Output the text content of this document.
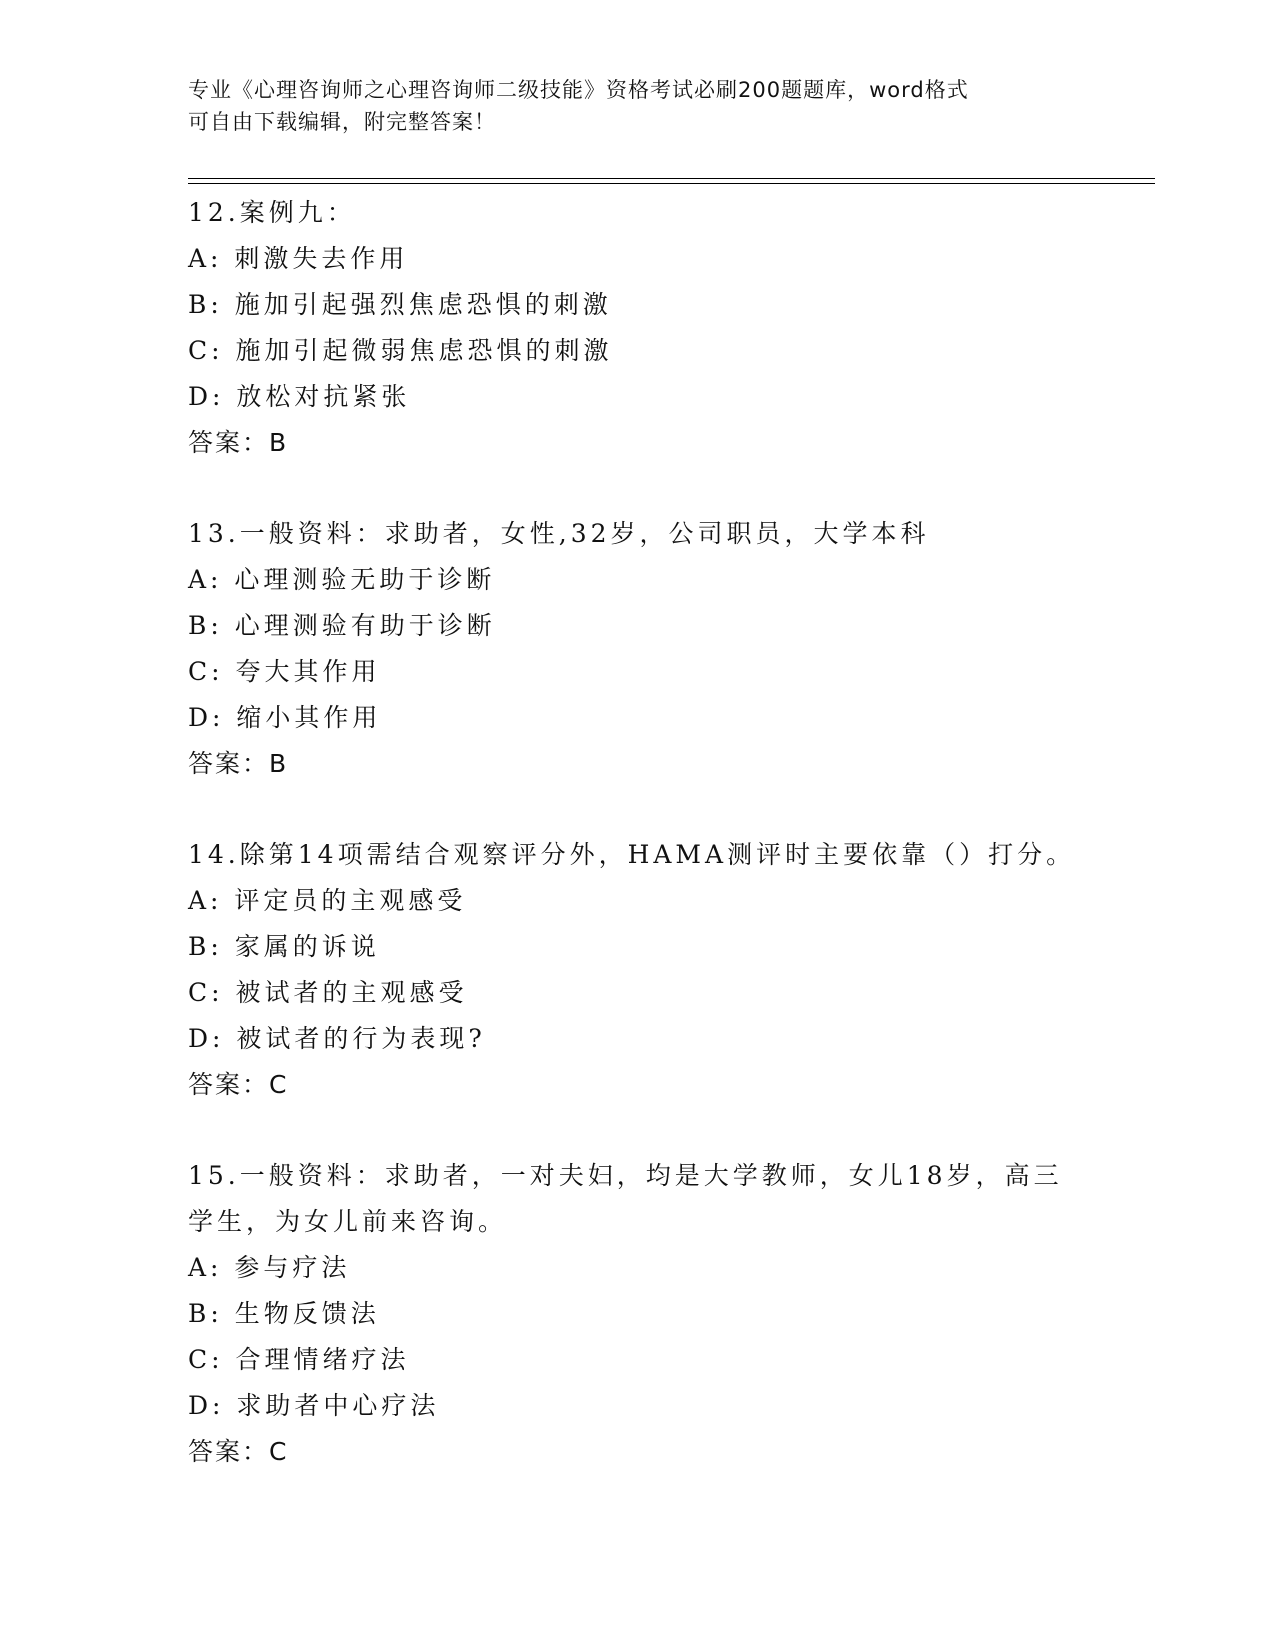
专业《心理咨询师之心理咨询师二级技能》资格考试必刷200题题库，word格式
可自由下载编辑，附完整答案！
12.案例九：
A: 刺激失去作用
B: 施加引起强烈焦虑恐惧的刺激
C: 施加引起微弱焦虑恐惧的刺激
D: 放松对抗紧张
答案：B
13.一般资料：求助者，女性,32岁，公司职员，大学本科
A: 心理测验无助于诊断
B: 心理测验有助于诊断
C: 夸大其作用
D: 缩小其作用
答案：B
14.除第14项需结合观察评分外，HAMA测评时主要依靠（）打分。
A: 评定员的主观感受
B: 家属的诉说
C: 被试者的主观感受
D: 被试者的行为表现?
答案：C
15.一般资料：求助者，一对夫妇，均是大学教师，女儿18岁，高三
学生，为女儿前来咨询。
A: 参与疗法
B: 生物反馈法
C: 合理情绪疗法
D: 求助者中心疗法
答案：C
